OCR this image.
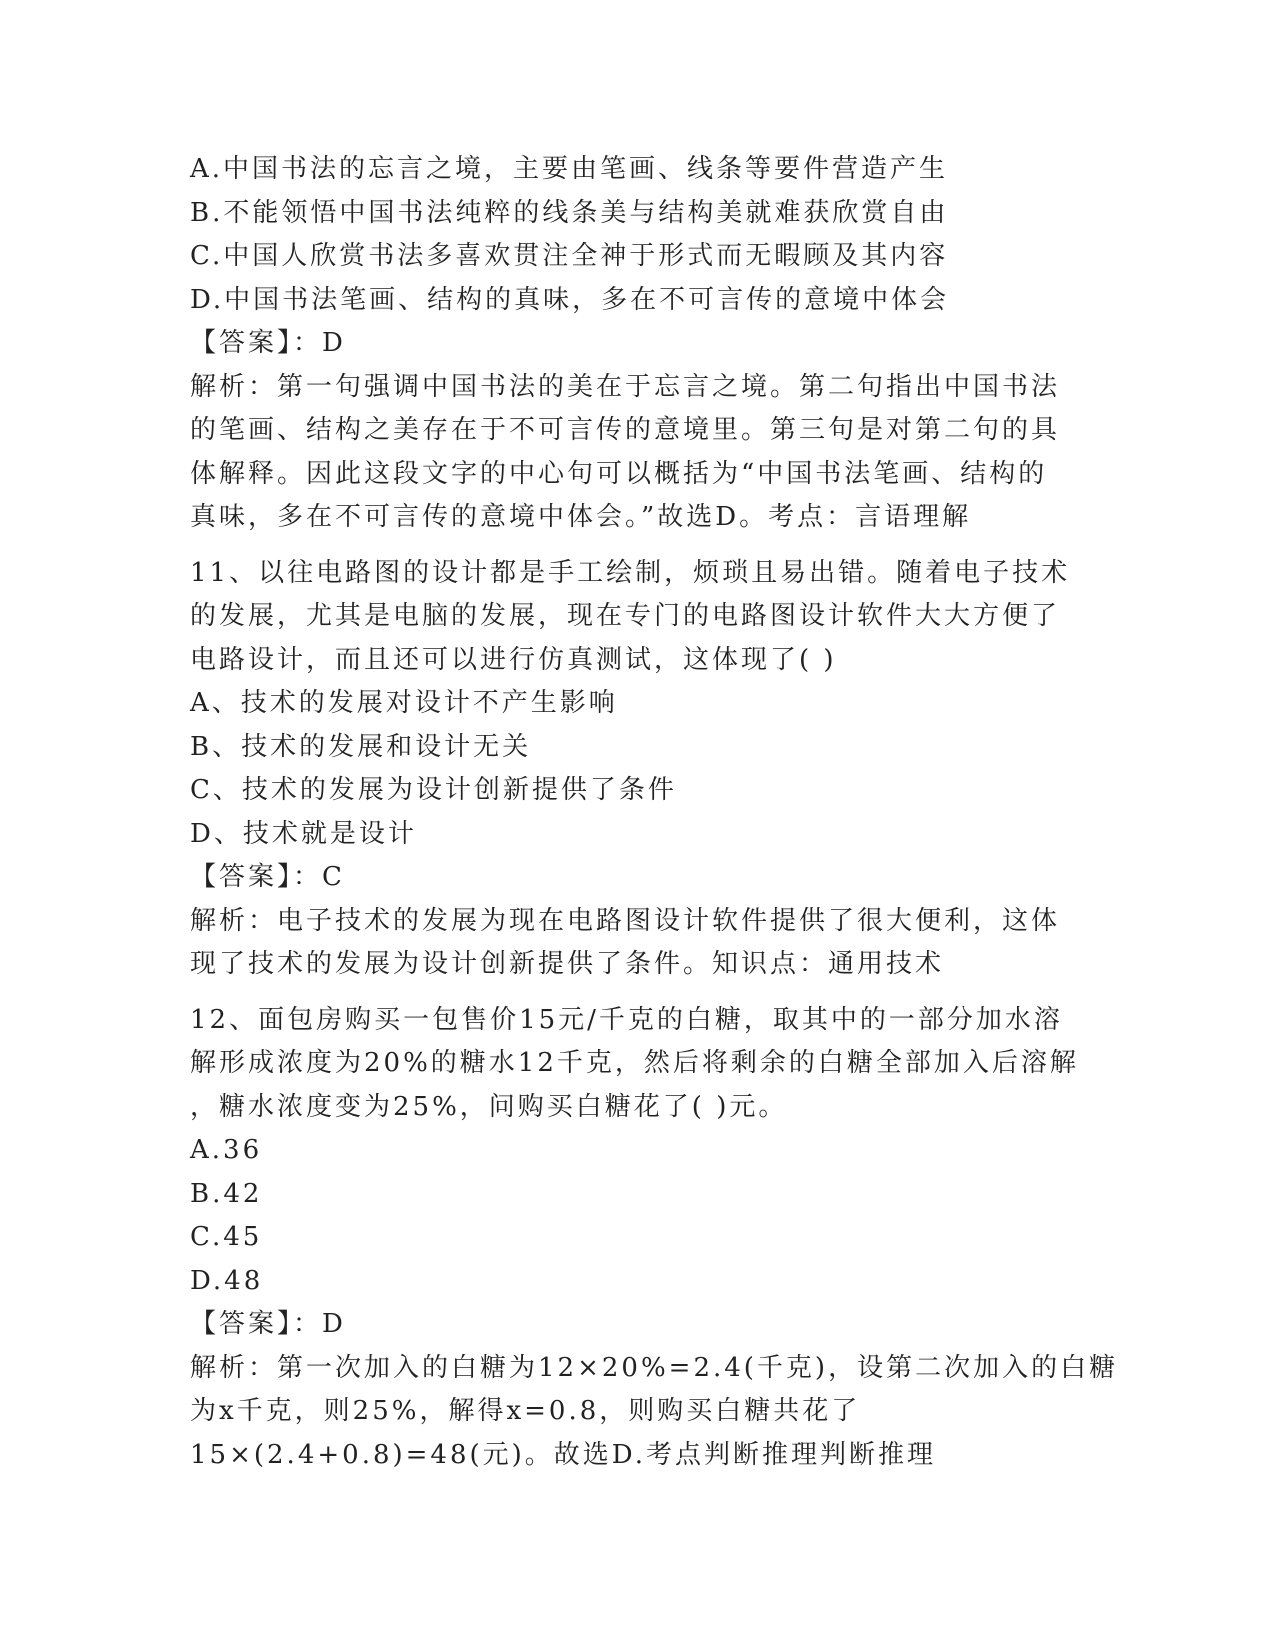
A.中国书法的忘言之境，主要由笔画、线条等要件营造产生
B.不能领悟中国书法纯粹的线条美与结构美就难获欣赏自由
C.中国人欣赏书法多喜欢贯注全神于形式而无暇顾及其内容
D.中国书法笔画、结构的真味，多在不可言传的意境中体会
【答案】：D
解析：第一句强调中国书法的美在于忘言之境。第二句指出中国书法
的笔画、结构之美存在于不可言传的意境里。第三句是对第二句的具
体解释。因此这段文字的中心句可以概括为“中国书法笔画、结构的
真味，多在不可言传的意境中体会。”故选D。考点：言语理解
11、以往电路图的设计都是手工绘制，烦琐且易出错。随着电子技术
的发展，尤其是电脑的发展，现在专门的电路图设计软件大大方便了
电路设计，而且还可以进行仿真测试，这体现了( )
A、技术的发展对设计不产生影响
B、技术的发展和设计无关
C、技术的发展为设计创新提供了条件
D、技术就是设计
【答案】：C
解析：电子技术的发展为现在电路图设计软件提供了很大便利，这体
现了技术的发展为设计创新提供了条件。知识点：通用技术
12、面包房购买一包售价15元/千克的白糖，取其中的一部分加水溶
解形成浓度为20%的糖水12千克，然后将剩余的白糖全部加入后溶解
，糖水浓度变为25%，问购买白糖花了( )元。
A.36
B.42
C.45
D.48
【答案】：D
解析：第一次加入的白糖为12×20%=2.4(千克)，设第二次加入的白糖
为x千克，则25%，解得x=0.8，则购买白糖共花了
15×(2.4+0.8)=48(元)。故选D.考点判断推理判断推理
